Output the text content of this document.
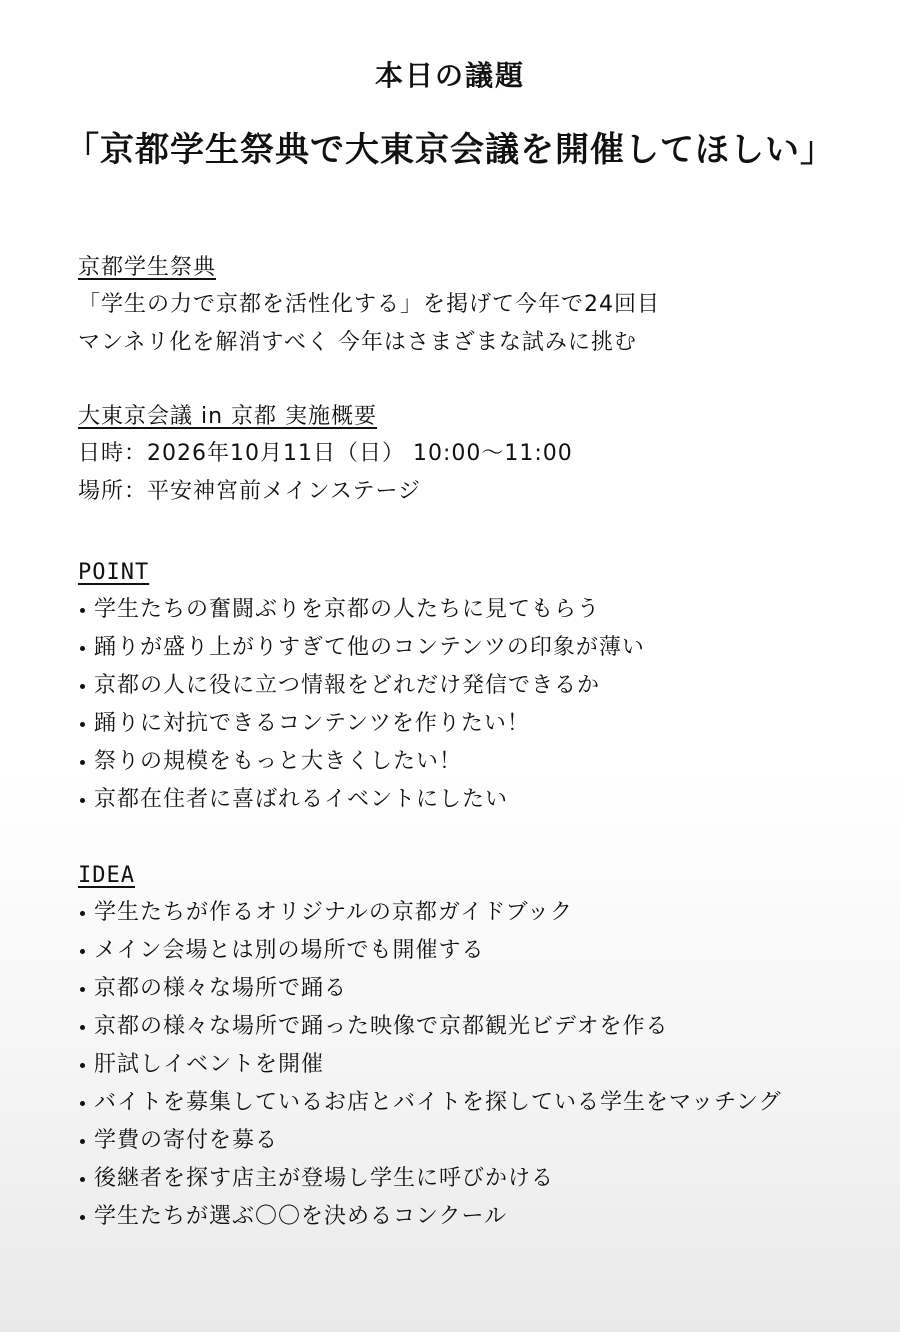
本日の議題
「京都学生祭典で大東京会議を開催してほしい」
京都学生祭典
「学生の力で京都を活性化する」を掲げて今年で24回目
マンネリ化を解消すべく 今年はさまざまな試みに挑む
大東京会議 in 京都 実施概要
日時：2026年10月11日（日） 10:00〜11:00
場所：平安神宮前メインステージ
POINT
学生たちの奮闘ぶりを京都の人たちに見てもらう
踊りが盛り上がりすぎて他のコンテンツの印象が薄い
京都の人に役に立つ情報をどれだけ発信できるか
踊りに対抗できるコンテンツを作りたい！
祭りの規模をもっと大きくしたい！
京都在住者に喜ばれるイベントにしたい
IDEA
学生たちが作るオリジナルの京都ガイドブック
メイン会場とは別の場所でも開催する
京都の様々な場所で踊る
京都の様々な場所で踊った映像で京都観光ビデオを作る
肝試しイベントを開催
バイトを募集しているお店とバイトを探している学生をマッチング
学費の寄付を募る
後継者を探す店主が登場し学生に呼びかける
学生たちが選ぶ〇〇を決めるコンクール
